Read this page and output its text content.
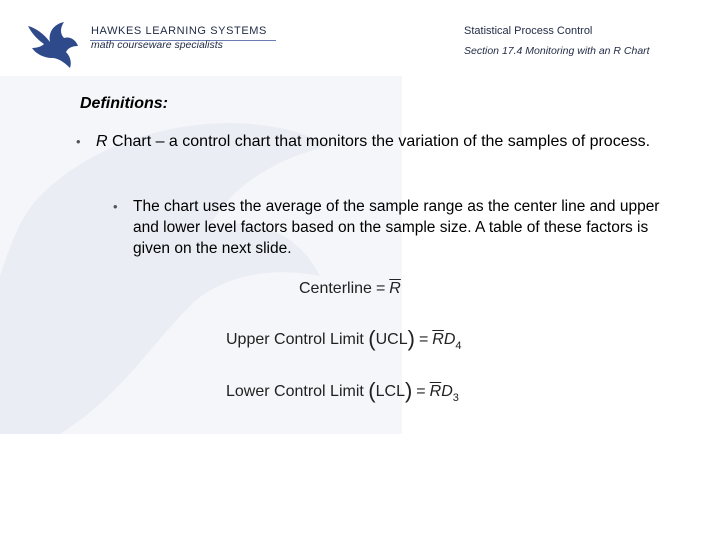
HAWKES LEARNING SYSTEMS
math courseware specialists
Statistical Process Control
Section 17.4 Monitoring with an R Chart
Definitions:
• R Chart – a control chart that monitors the variation of the samples of process.
• The chart uses the average of the sample range as the center line and upper and lower level factors based on the sample size. A table of these factors is given on the next slide.
Centerline = $\overline{R}$
Upper Control Limit $(UCL) = \overline{R}D_4$
Lower Control Limit $(LCL) = \overline{R}D_3$
